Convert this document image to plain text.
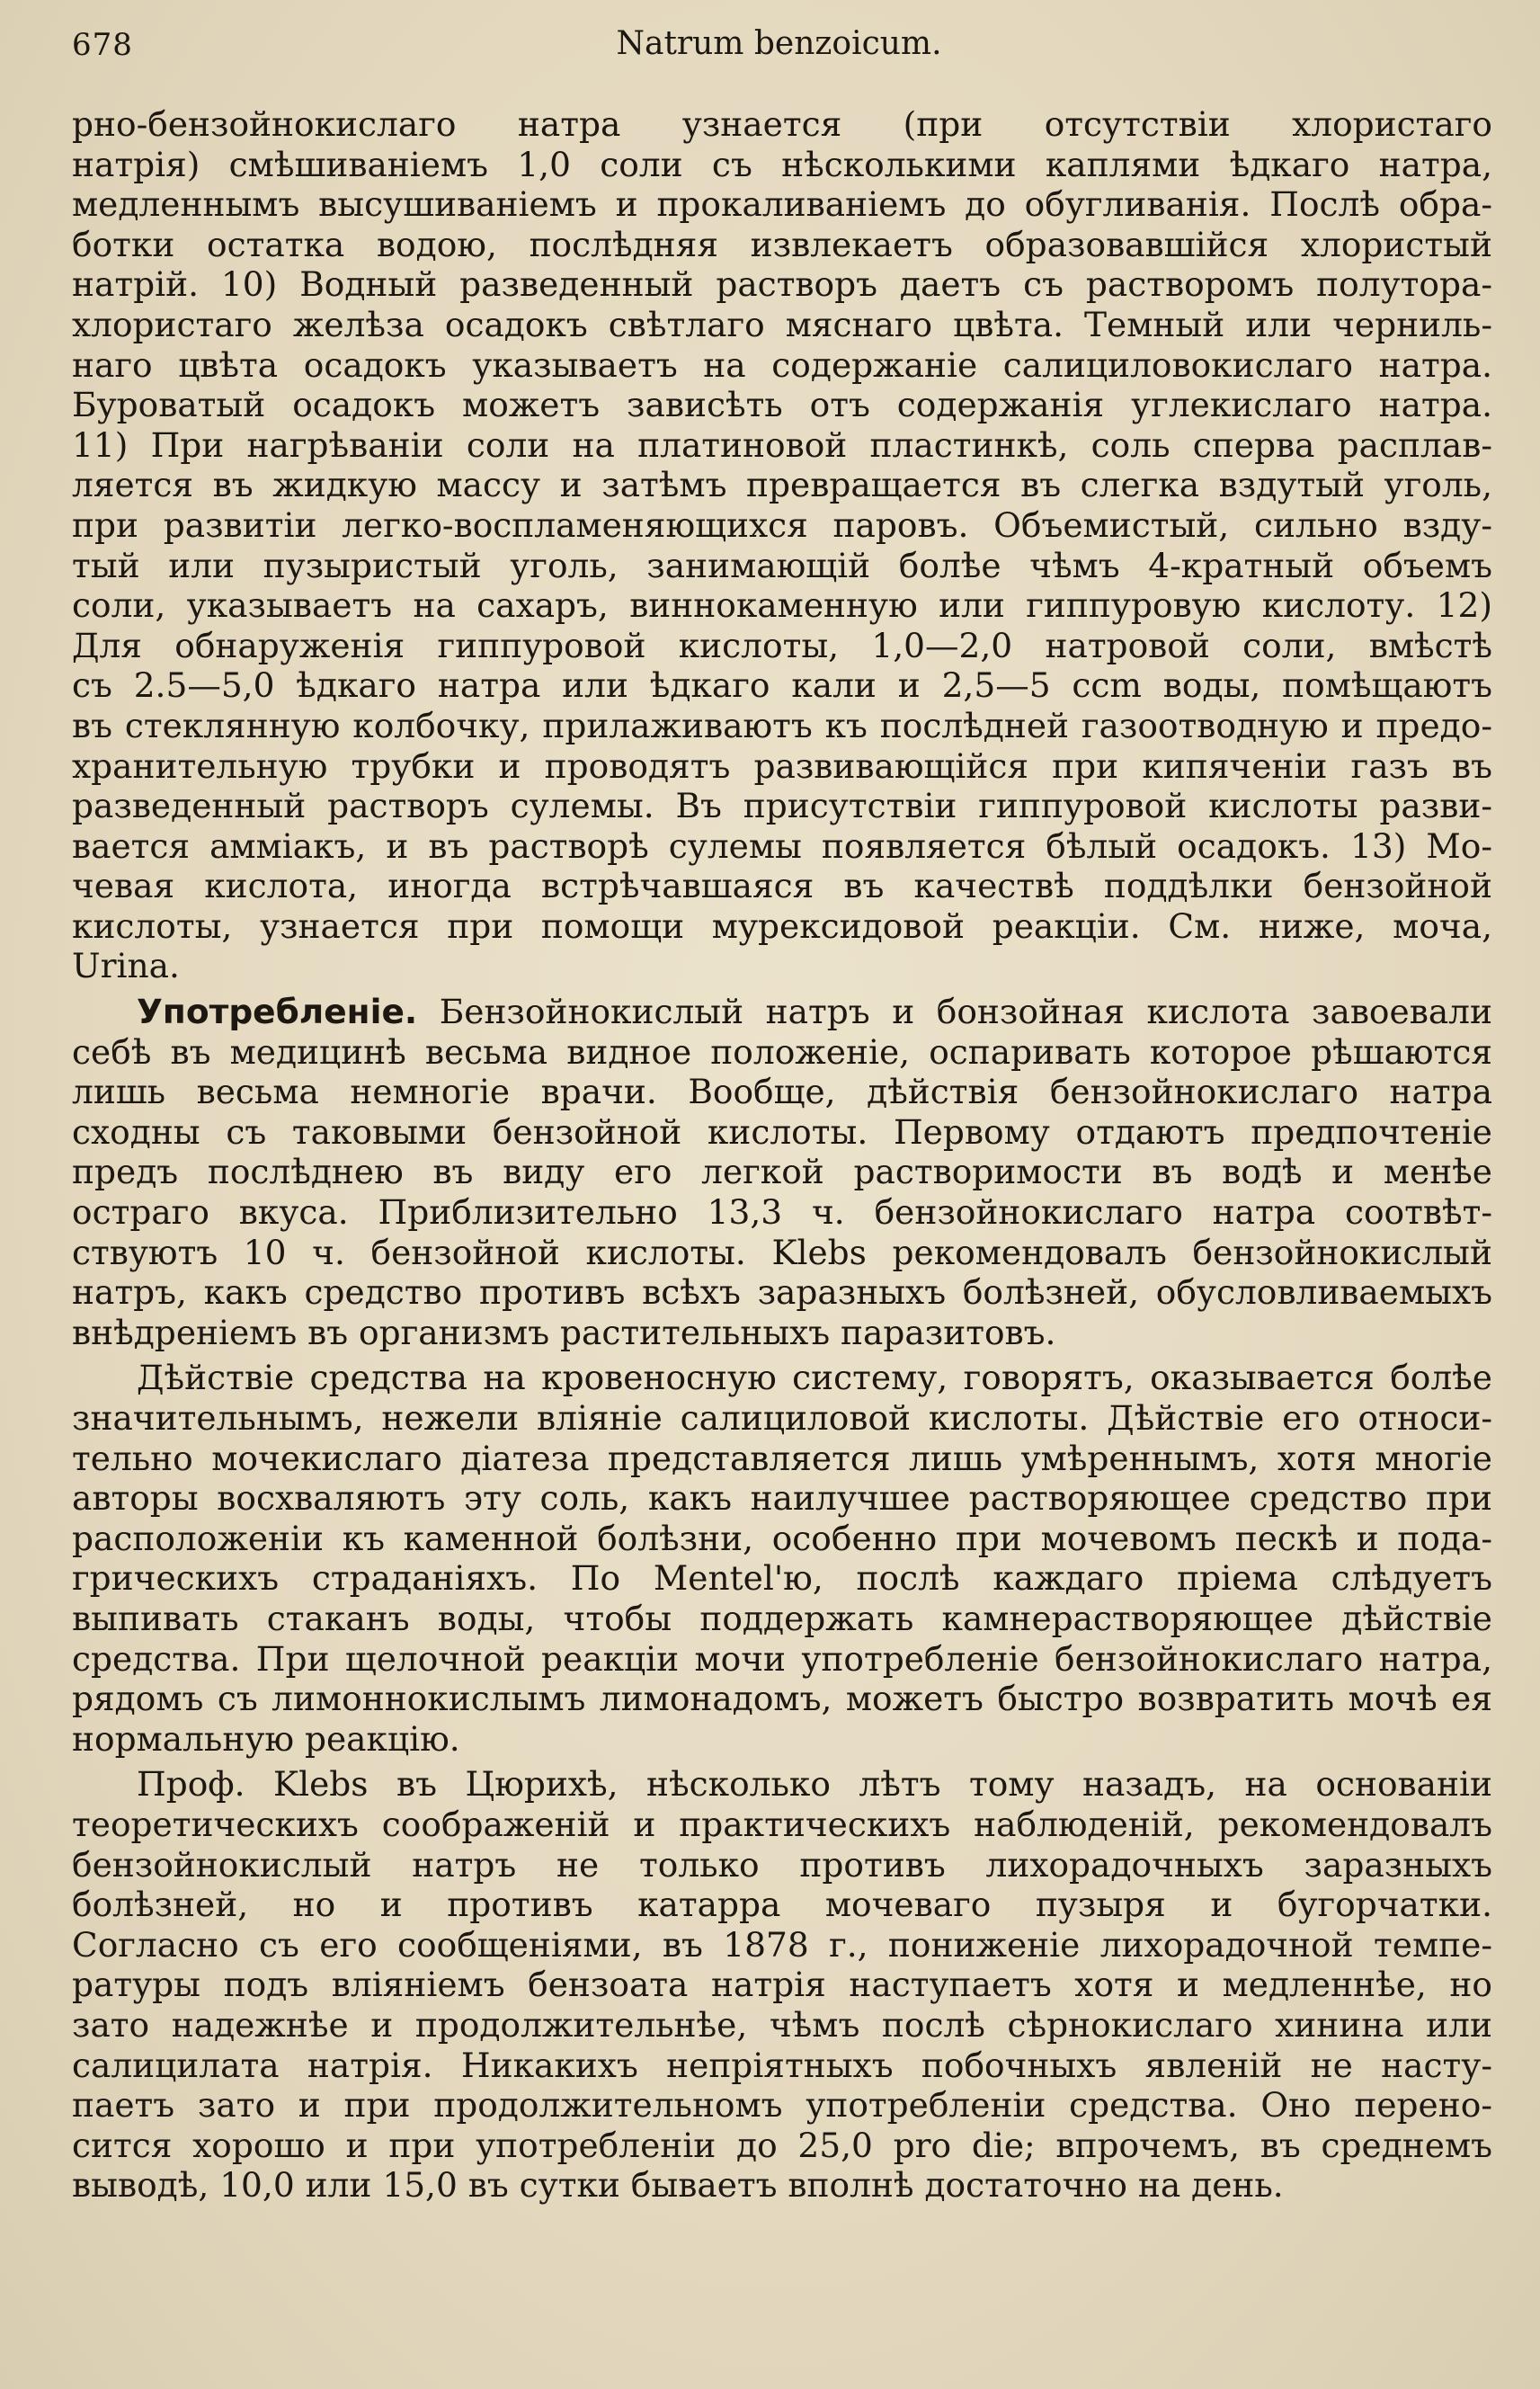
678	Natrum benzoicum.
рно-бензойнокислаго натра узнается (при отсутствіи хлористаго
натрія) смѣшиваніемъ 1,0 соли съ нѣсколькими каплями ѣдкаго натра,
медленнымъ высушиваніемъ и прокаливаніемъ до обугливанія. Послѣ обра-
ботки остатка водою, послѣдняя извлекаетъ образовавшійся хлористый
натрій. 10) Водный разведенный растворъ даетъ съ растворомъ полутора-
хлористаго желѣза осадокъ свѣтлаго мяснаго цвѣта. Темный или черниль-
наго цвѣта осадокъ указываетъ на содержаніе салициловокислаго натра.
Буроватый осадокъ можетъ зависѣть отъ содержанія углекислаго натра.
11) При нагрѣваніи соли на платиновой пластинкѣ, соль сперва расплав-
ляется въ жидкую массу и затѣмъ превращается въ слегка вздутый уголь,
при развитіи легко-воспламеняющихся паровъ. Объемистый, сильно взду-
тый или пузыристый уголь, занимающій болѣе чѣмъ 4-кратный объемъ
соли, указываетъ на сахаръ, виннокаменную или гиппуровую кислоту. 12)
Для обнаруженія гиппуровой кислоты, 1,0—2,0 натровой соли, вмѣстѣ
съ 2.5—5,0 ѣдкаго натра или ѣдкаго кали и 2,5—5 ccm воды, помѣщаютъ
въ стеклянную колбочку, прилаживаютъ къ послѣдней газоотводную и предо-
хранительную трубки и проводятъ развивающійся при кипяченіи газъ въ
разведенный растворъ сулемы. Въ присутствіи гиппуровой кислоты разви-
вается амміакъ, и въ растворѣ сулемы появляется бѣлый осадокъ. 13) Мо-
чевая кислота, иногда встрѣчавшаяся въ качествѣ поддѣлки бензойной
кислоты, узнается при помощи мурексидовой реакціи. См. ниже, моча,
Urina.
Употребленіе. Бензойнокислый натръ и бонзойная кислота завоевали
себѣ въ медицинѣ весьма видное положеніе, оспаривать которое рѣшаются
лишь весьма немногіе врачи. Вообще, дѣйствія бензойнокислаго натра
сходны съ таковыми бензойной кислоты. Первому отдаютъ предпочтеніе
предъ послѣднею въ виду его легкой растворимости въ водѣ и менѣе
остраго вкуса. Приблизительно 13,3 ч. бензойнокислаго натра соотвѣт-
ствуютъ 10 ч. бензойной кислоты. Klebs рекомендовалъ бензойнокислый
натръ, какъ средство противъ всѣхъ заразныхъ болѣзней, обусловливаемыхъ
внѣдреніемъ въ организмъ растительныхъ паразитовъ.
Дѣйствіе средства на кровеносную систему, говорятъ, оказывается болѣе
значительнымъ, нежели вліяніе салициловой кислоты. Дѣйствіе его относи-
тельно мочекислаго діатеза представляется лишь умѣреннымъ, хотя многіе
авторы восхваляютъ эту соль, какъ наилучшее растворяющее средство при
расположеніи къ каменной болѣзни, особенно при мочевомъ пескѣ и пода-
грическихъ страданіяхъ. По Mentel'ю, послѣ каждаго пріема слѣдуетъ
выпивать стаканъ воды, чтобы поддержать камнерастворяющее дѣйствіе
средства. При щелочной реакціи мочи употребленіе бензойнокислаго натра,
рядомъ съ лимоннокислымъ лимонадомъ, можетъ быстро возвратить мочѣ ея
нормальную реакцію.
Проф. Klebs въ Цюрихѣ, нѣсколько лѣтъ тому назадъ, на основаніи
теоретическихъ соображеній и практическихъ наблюденій, рекомендовалъ
бензойнокислый натръ не только противъ лихорадочныхъ заразныхъ
болѣзней, но и противъ катарра мочеваго пузыря и бугорчатки.
Согласно съ его сообщеніями, въ 1878 г., пониженіе лихорадочной темпе-
ратуры подъ вліяніемъ бензоата натрія наступаетъ хотя и медленнѣе, но
зато надежнѣе и продолжительнѣе, чѣмъ послѣ сѣрнокислаго хинина или
салицилата натрія. Никакихъ непріятныхъ побочныхъ явленій не насту-
паетъ зато и при продолжительномъ употребленіи средства. Оно перено-
сится хорошо и при употребленіи до 25,0 pro die; впрочемъ, въ среднемъ
выводѣ, 10,0 или 15,0 въ сутки бываетъ вполнѣ достаточно на день.
